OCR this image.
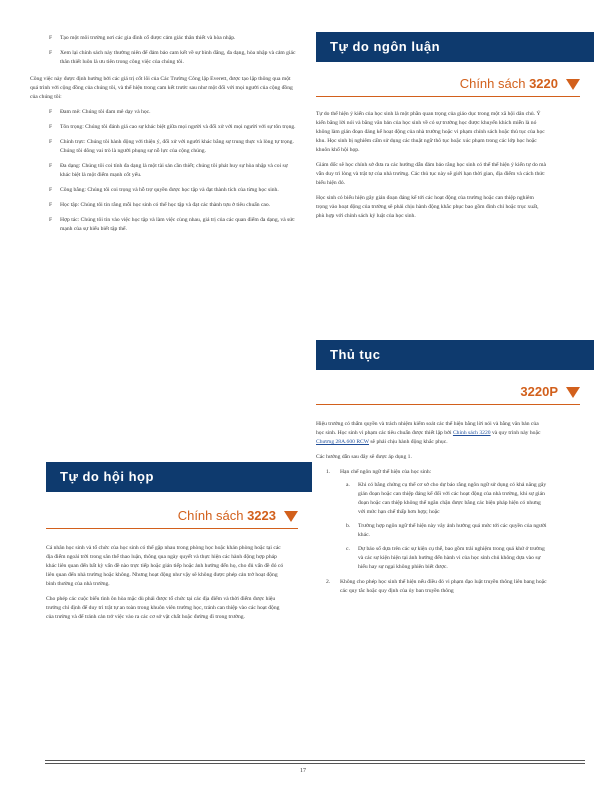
F Tạo một môi trường nơi các gia đình cố được cảm giác thân thiết và hòa nhập.
F Xem lại chính sách này thường niên để đảm bảo cam kết về sự bình đẳng, đa dạng, hòa nhập và cảm giác thân thiết luôn là ưu tiên trong công việc của chúng tôi.

Công việc này được định hướng bởi các giá trị cốt lõi của Các Trường Công lập Everett, được tạo lập thông qua một quá trình với cộng đồng của chúng tôi, và thể hiện trong cam kết trước sau như một đối với mọi người của cộng đồng của chúng tôi:

F Đam mê: Chúng tôi đam mê dạy và học.
F Tôn trọng: Chúng tôi đánh giá cao sự khác biệt giữa mọi người và đối xử với mọi người với sự tôn trọng.
F Chính trực: Chúng tôi hành động với thiện ý, đối xử với người khác bằng sự trung thực và lòng tự trọng. Chúng tôi dõng vai trò là người phụng sự nỗ lực của cộng chúng.
F Đa dạng: Chúng tôi coi tính đa dạng là một tài sản cần thiết; chúng tôi phát huy sự hòa nhập và coi sự khác biệt là một điểm mạnh cốt yếu.
F Công bằng: Chúng tôi coi trọng và hỗ trợ quyền được học tập và đạt thành tích của từng học sinh.
F Học tập: Chúng tôi tin rằng mỗi học sinh có thể học tập và đạt các thành tựu ở tiêu chuẩn cao.
F Hợp tác: Chúng tôi tin vào việc học tập và làm việc cùng nhau, giá trị của các quan điểm đa dạng, và sức mạnh của sự hiểu biết tập thể.
Tự do hội họp
Chính sách 3223

Cá nhân học sinh và tổ chức của học sinh có thể gặp nhau trong phòng học hoặc khán phòng hoặc tại các địa điểm ngoài trời trong sân thể thao luận, thông qua ngày quyết và thực hiện các hành động hợp pháp khác liên quan đến bất kỳ vấn đề nào trực tiếp hoặc gián tiếp hoặc ảnh hưởng đến họ, cho đủ vấn đề đó có liên quan đến nhà trường hoặc không. Nhưng hoạt động như vậy sẽ không được phép cản trở hoạt động bình thường của nhà trường.

Cho phép các cuộc biểu tình ôn hòa mặc dù phải được tổ chức tại các địa điểm và thời điểm được hiệu trưởng chỉ định để duy trì trật tự an toàn trong khuôn viên trường học, tránh can thiệp vào các hoạt động của trường và để tránh cản trở việc vào ra các cơ sở vật chất hoặc đường đi trong trường.

Tự do ngôn luận
Chính sách 3220

Tự do thể hiện ý kiến của học sinh là một phần quan trọng của giáo dục trong một xã hội dân chủ. Ý kiến bằng lời nói và bằng văn bản của học sinh về có sự trường học được khuyến khích miễn là nó không làm gián đoạn đáng kể hoạt động của nhà trường hoặc vi phạm chính sách hoặc thủ tục của học khu. Học sinh bị nghiêm cấm sử dụng các thuật ngữ thô tục hoặc xúc phạm trong các lớp học hoặc khuôn khổ hội họp.

Giám đốc sẽ học chính sở đưa ra các hướng dẫn đảm bảo rằng học sinh có thể thể hiện ý kiến tự do mà vẫn duy trì lòng và trật tự của nhà trường. Các thủ tục này sẽ giới hạn thời gian, địa điểm và cách thức biểu hiện đó.

Học sinh có biểu hiện gây gián đoạn đáng kể tới các hoạt động của trường hoặc can thiệp nghiêm trọng vào hoạt động của trường sẽ phải chịu hành động khắc phục bao gồm đình chỉ hoặc trục xuất, phù hợp với chính sách kỷ luật của học sinh.

Thủ tục
3220P

Hiệu trưởng có thẩm quyền và trách nhiệm kiểm soát các thể hiện bằng lời nói và bằng văn bản của học sinh. Học sinh vi phạm các tiêu chuẩn được thiết lập bởi Chính sách 3220 và quy trình này hoặc Chương 28A.600 RCW sẽ phải chịu hành động khắc phục.

Các hướng dẫn sau đây sẽ được áp dụng 1.

1. Hạn chế ngôn ngữ thể hiện của học sinh:
a. Khi có bằng chứng cụ thể cơ sở cho dự báo rằng ngôn ngữ sử dụng có khả năng gây gián đoạn hoặc can thiệp đáng kể đối với các hoạt động của nhà trường, khi sự gián đoạn hoặc can thiệp không thể ngăn chặn được bằng các biện pháp hiện có nhưng với mức hạn chế thấp hơn hợp; hoặc
b. Trường hợp ngôn ngữ thể hiện này vây ảnh hưởng quá mức tới các quyền của người khác.
c. Dự báo số dựa trên các sự kiện cụ thể, bao gồm trải nghiệm trong quá khứ ở trường và các sự kiện hiện tại ảnh hưởng đến hành vi của học sinh chủ không dựa vào sự hiểu hay sự ngại không phiên biết được.
2. Không cho phép học sinh thể hiện nếu điều đó vi phạm đạo luật truyền thông liên bang hoặc các quy tắc hoặc quy định của ủy ban truyền thông
17
